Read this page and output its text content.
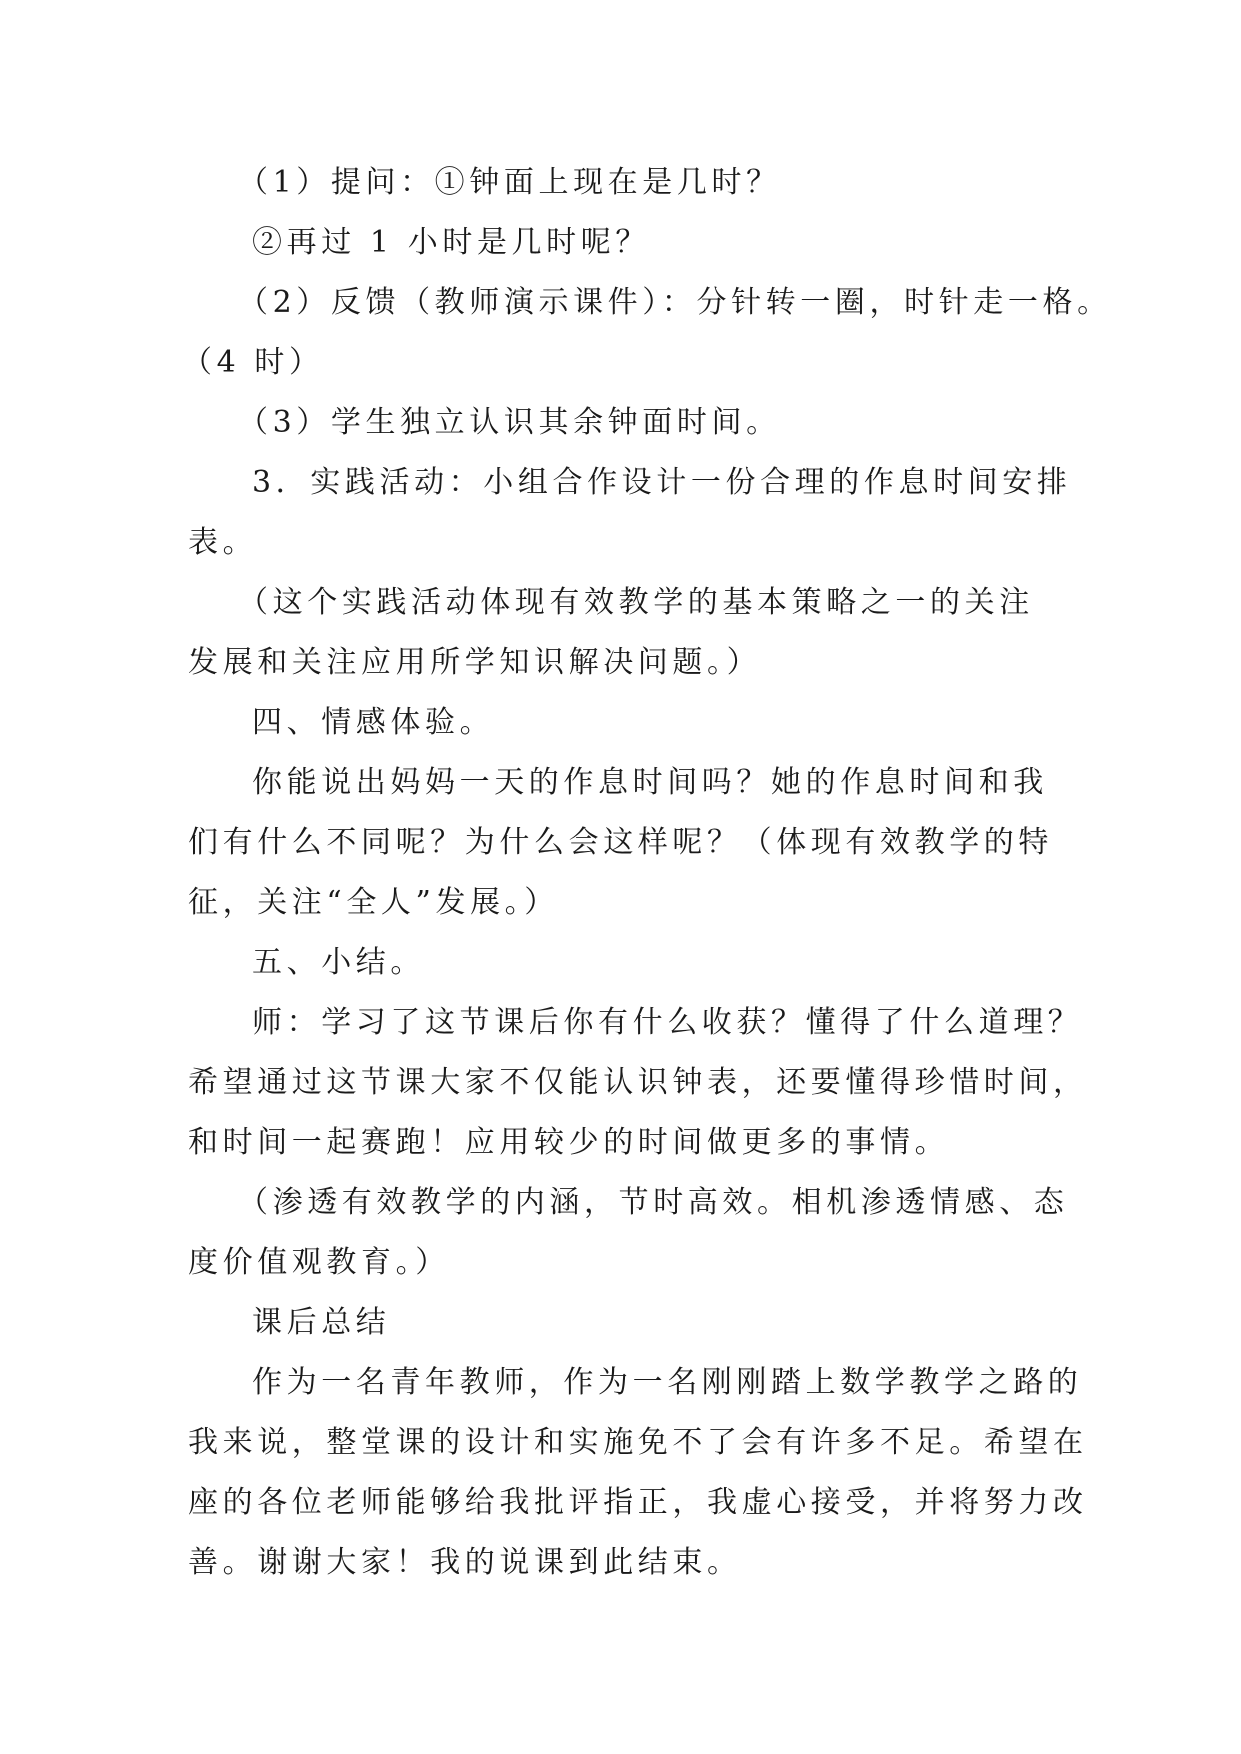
（1）提问：①钟面上现在是几时？
②再过 1 小时是几时呢？
（2）反馈（教师演示课件）：分针转一圈，时针走一格。
（4 时）
（3）学生独立认识其余钟面时间。
3．实践活动：小组合作设计一份合理的作息时间安排
表。
（这个实践活动体现有效教学的基本策略之一的关注
发展和关注应用所学知识解决问题。）
四、情感体验。
你能说出妈妈一天的作息时间吗？她的作息时间和我
们有什么不同呢？为什么会这样呢？（体现有效教学的特
征，关注“全人”发展。）
五、小结。
师：学习了这节课后你有什么收获？懂得了什么道理？
希望通过这节课大家不仅能认识钟表，还要懂得珍惜时间，
和时间一起赛跑！应用较少的时间做更多的事情。
（渗透有效教学的内涵，节时高效。相机渗透情感、态
度价值观教育。）
课后总结
作为一名青年教师，作为一名刚刚踏上数学教学之路的
我来说，整堂课的设计和实施免不了会有许多不足。希望在
座的各位老师能够给我批评指正，我虚心接受，并将努力改
善。谢谢大家！我的说课到此结束。
